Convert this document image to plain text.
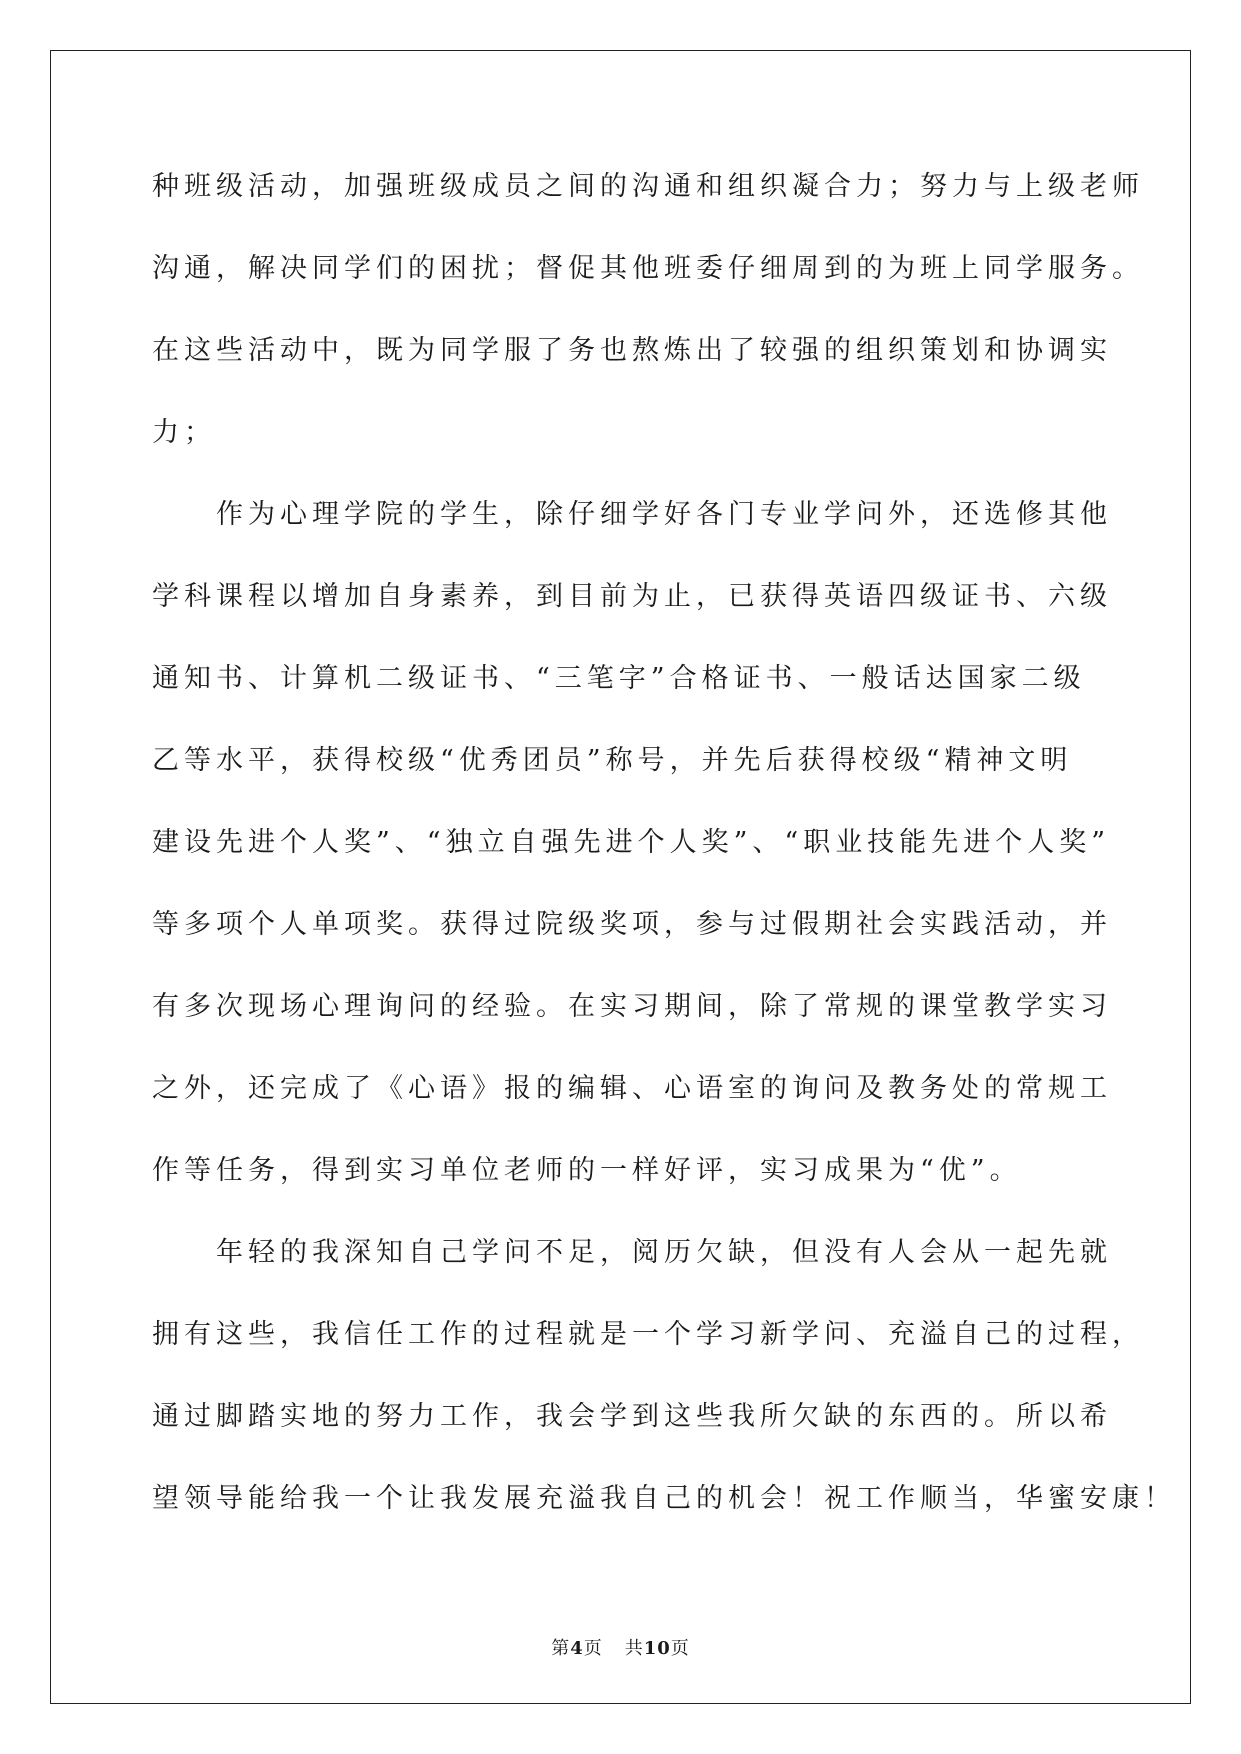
种班级活动，加强班级成员之间的沟通和组织凝合力；努力与上级老师
沟通，解决同学们的困扰；督促其他班委仔细周到的为班上同学服务。
在这些活动中，既为同学服了务也熬炼出了较强的组织策划和协调实
力；
　　作为心理学院的学生，除仔细学好各门专业学问外，还选修其他
学科课程以增加自身素养，到目前为止，已获得英语四级证书、六级
通知书、计算机二级证书、“三笔字”合格证书、一般话达国家二级
乙等水平，获得校级“优秀团员”称号，并先后获得校级“精神文明
建设先进个人奖”、“独立自强先进个人奖”、“职业技能先进个人奖”
等多项个人单项奖。获得过院级奖项，参与过假期社会实践活动，并
有多次现场心理询问的经验。在实习期间，除了常规的课堂教学实习
之外，还完成了《心语》报的编辑、心语室的询问及教务处的常规工
作等任务，得到实习单位老师的一样好评，实习成果为“优”。
　　年轻的我深知自己学问不足，阅历欠缺，但没有人会从一起先就
拥有这些，我信任工作的过程就是一个学习新学问、充溢自己的过程，
通过脚踏实地的努力工作，我会学到这些我所欠缺的东西的。所以希
望领导能给我一个让我发展充溢我自己的机会！祝工作顺当，华蜜安康！
第4页 共10页
